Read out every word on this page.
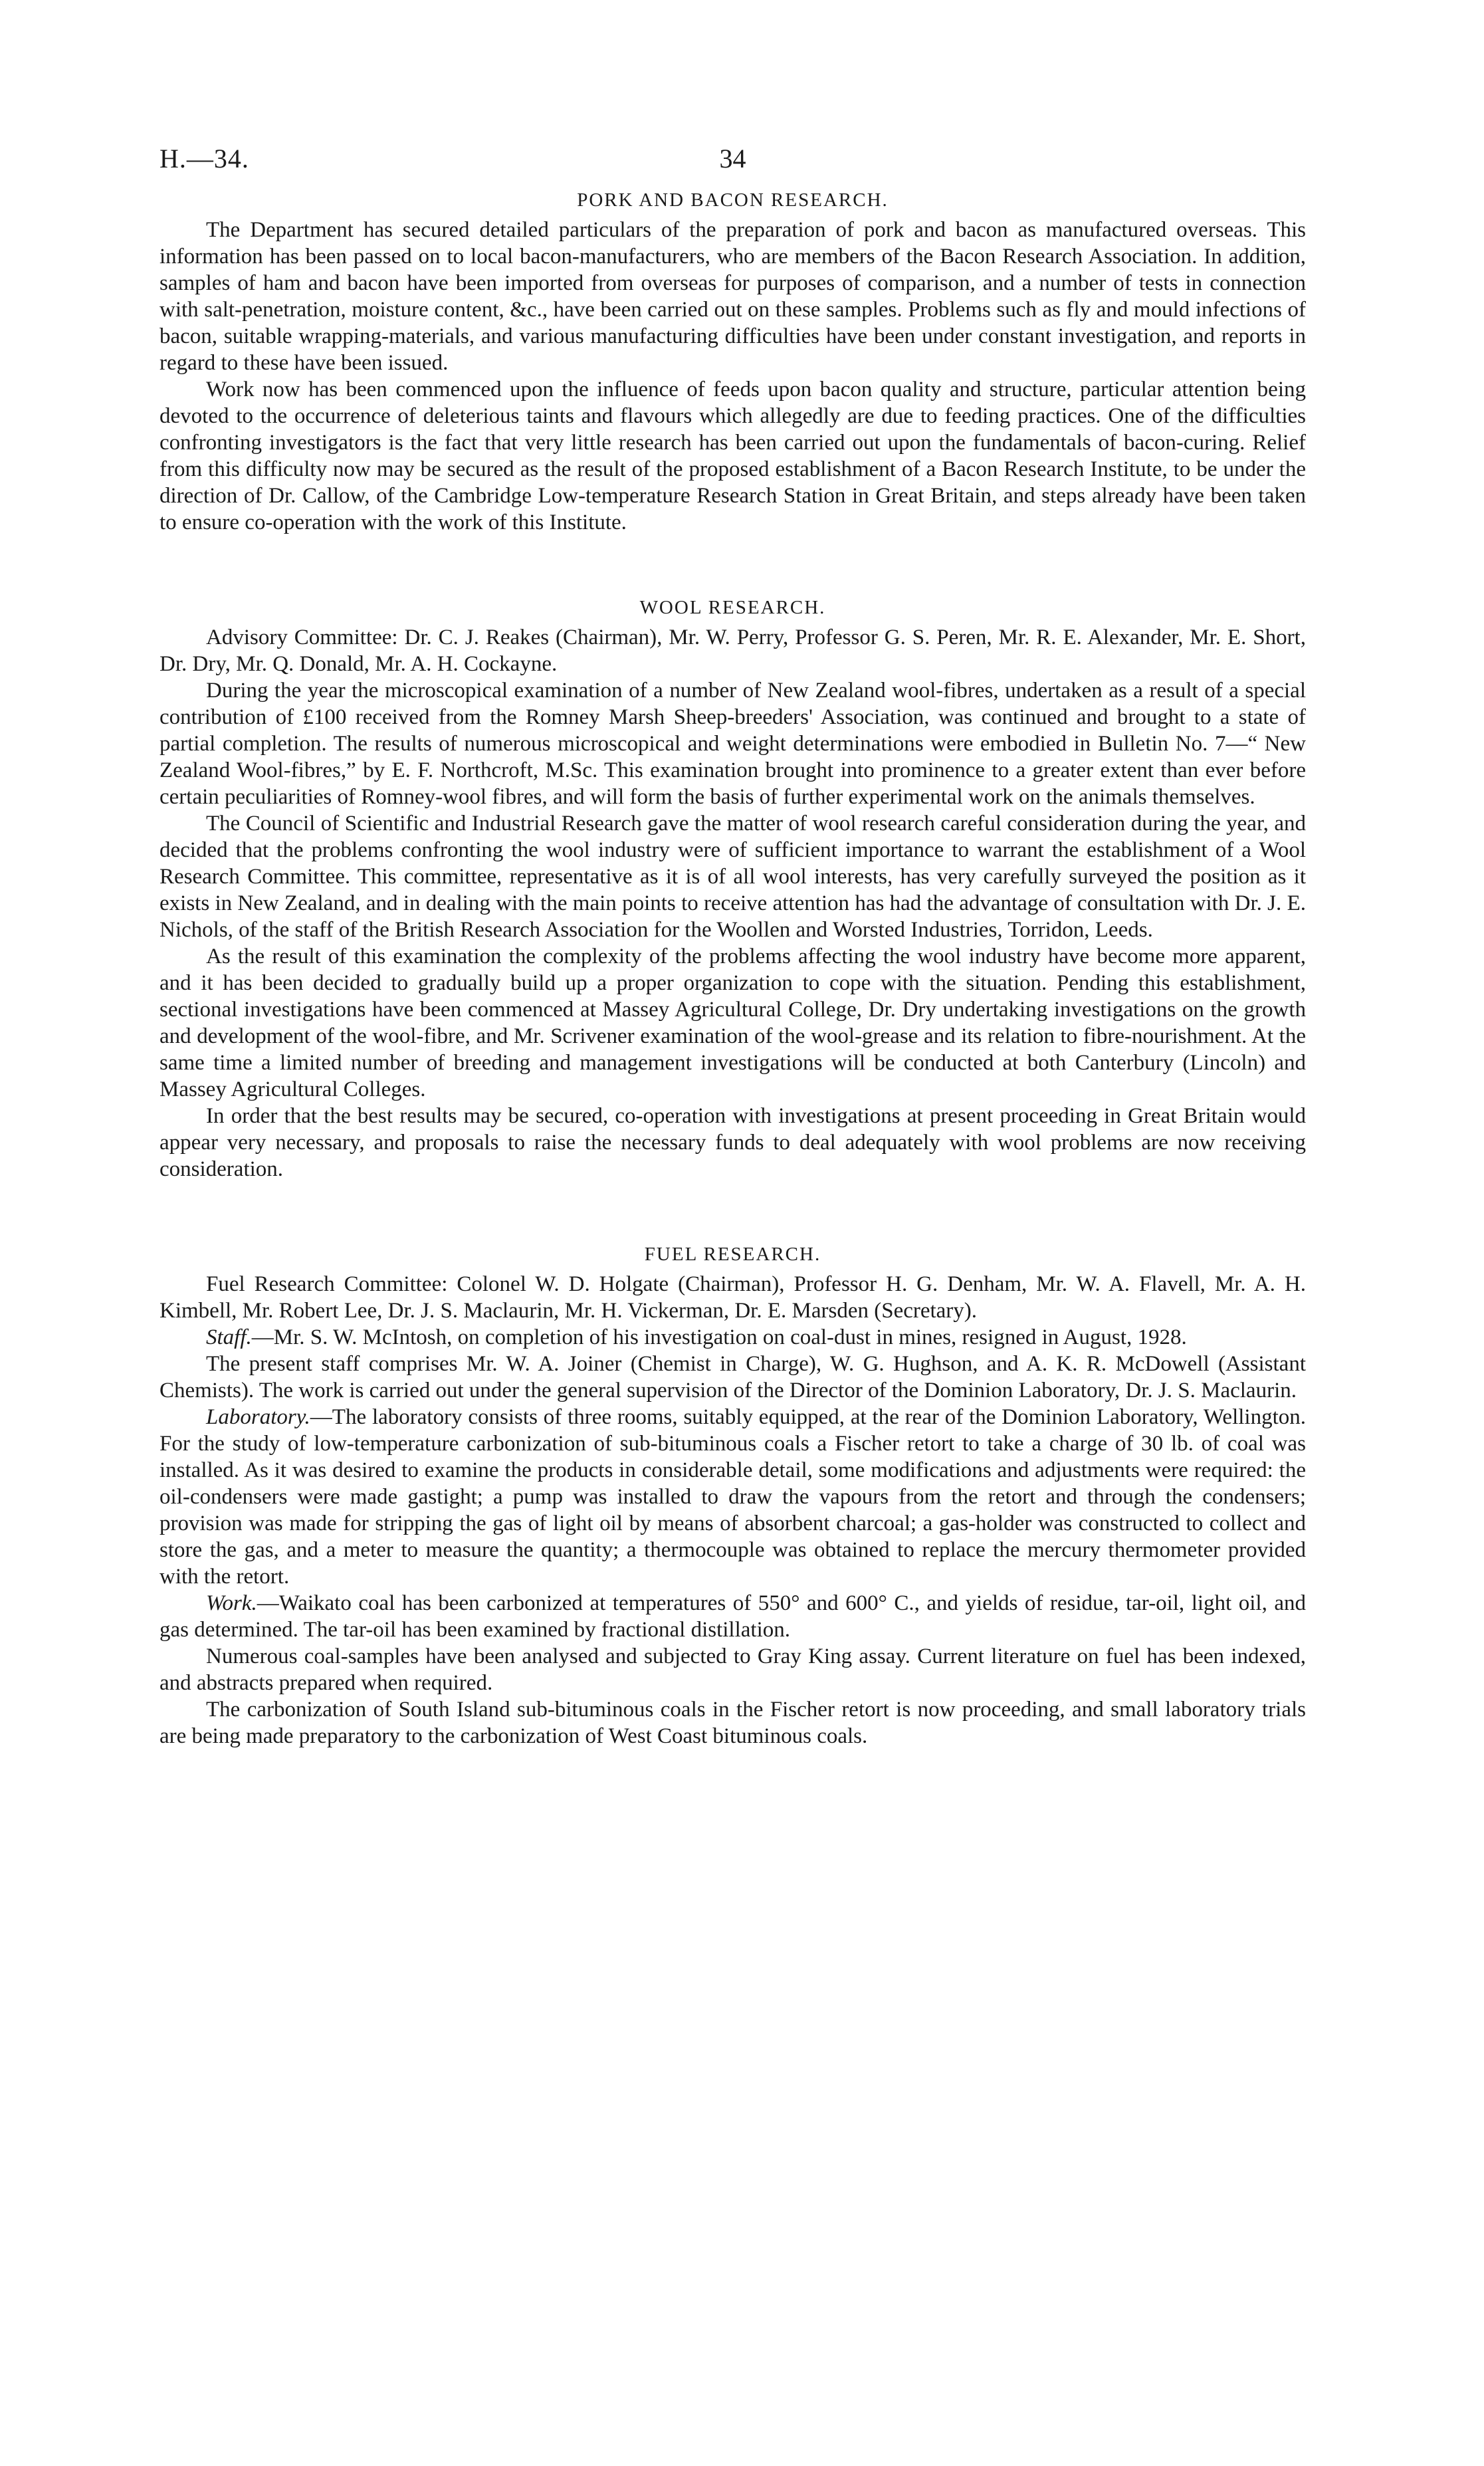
H.—34.	34
PORK AND BACON RESEARCH.

The Department has secured detailed particulars of the preparation of pork and bacon as manufactured overseas. This information has been passed on to local bacon-manufacturers, who are members of the Bacon Research Association. In addition, samples of ham and bacon have been imported from overseas for purposes of comparison, and a number of tests in connection with salt-penetration, moisture content, &c., have been carried out on these samples. Problems such as fly and mould infections of bacon, suitable wrapping-materials, and various manufacturing difficulties have been under constant investigation, and reports in regard to these have been issued.

Work now has been commenced upon the influence of feeds upon bacon quality and structure, particular attention being devoted to the occurrence of deleterious taints and flavours which allegedly are due to feeding practices. One of the difficulties confronting investigators is the fact that very little research has been carried out upon the fundamentals of bacon-curing. Relief from this difficulty now may be secured as the result of the proposed establishment of a Bacon Research Institute, to be under the direction of Dr. Callow, of the Cambridge Low-temperature Research Station in Great Britain, and steps already have been taken to ensure co-operation with the work of this Institute.

WOOL RESEARCH.

Advisory Committee: Dr. C. J. Reakes (Chairman), Mr. W. Perry, Professor G. S. Peren, Mr. R. E. Alexander, Mr. E. Short, Dr. Dry, Mr. Q. Donald, Mr. A. H. Cockayne.

During the year the microscopical examination of a number of New Zealand wool-fibres, undertaken as a result of a special contribution of £100 received from the Romney Marsh Sheep-breeders' Association, was continued and brought to a state of partial completion. The results of numerous microscopical and weight determinations were embodied in Bulletin No. 7—“ New Zealand Wool-fibres,” by E. F. Northcroft, M.Sc. This examination brought into prominence to a greater extent than ever before certain peculiarities of Romney-wool fibres, and will form the basis of further experimental work on the animals themselves.

The Council of Scientific and Industrial Research gave the matter of wool research careful consideration during the year, and decided that the problems confronting the wool industry were of sufficient importance to warrant the establishment of a Wool Research Committee. This committee, representative as it is of all wool interests, has very carefully surveyed the position as it exists in New Zealand, and in dealing with the main points to receive attention has had the advantage of consultation with Dr. J. E. Nichols, of the staff of the British Research Association for the Woollen and Worsted Industries, Torridon, Leeds.

As the result of this examination the complexity of the problems affecting the wool industry have become more apparent, and it has been decided to gradually build up a proper organization to cope with the situation. Pending this establishment, sectional investigations have been commenced at Massey Agricultural College, Dr. Dry undertaking investigations on the growth and development of the wool-fibre, and Mr. Scrivener examination of the wool-grease and its relation to fibre-nourishment. At the same time a limited number of breeding and management investigations will be conducted at both Canterbury (Lincoln) and Massey Agricultural Colleges.

In order that the best results may be secured, co-operation with investigations at present proceeding in Great Britain would appear very necessary, and proposals to raise the necessary funds to deal adequately with wool problems are now receiving consideration.

FUEL RESEARCH.

Fuel Research Committee: Colonel W. D. Holgate (Chairman), Professor H. G. Denham, Mr. W. A. Flavell, Mr. A. H. Kimbell, Mr. Robert Lee, Dr. J. S. Maclaurin, Mr. H. Vickerman, Dr. E. Marsden (Secretary).

Staff.—Mr. S. W. McIntosh, on completion of his investigation on coal-dust in mines, resigned in August, 1928.

The present staff comprises Mr. W. A. Joiner (Chemist in Charge), W. G. Hughson, and A. K. R. McDowell (Assistant Chemists). The work is carried out under the general supervision of the Director of the Dominion Laboratory, Dr. J. S. Maclaurin.

Laboratory.—The laboratory consists of three rooms, suitably equipped, at the rear of the Dominion Laboratory, Wellington. For the study of low-temperature carbonization of sub-bituminous coals a Fischer retort to take a charge of 30 lb. of coal was installed. As it was desired to examine the products in considerable detail, some modifications and adjustments were required: the oil-condensers were made gastight; a pump was installed to draw the vapours from the retort and through the condensers; provision was made for stripping the gas of light oil by means of absorbent charcoal; a gas-holder was constructed to collect and store the gas, and a meter to measure the quantity; a thermocouple was obtained to replace the mercury thermometer provided with the retort.

Work.—Waikato coal has been carbonized at temperatures of 550° and 600° C., and yields of residue, tar-oil, light oil, and gas determined. The tar-oil has been examined by fractional distillation.

Numerous coal-samples have been analysed and subjected to Gray King assay. Current literature on fuel has been indexed, and abstracts prepared when required.

The carbonization of South Island sub-bituminous coals in the Fischer retort is now proceeding, and small laboratory trials are being made preparatory to the carbonization of West Coast bituminous coals.
